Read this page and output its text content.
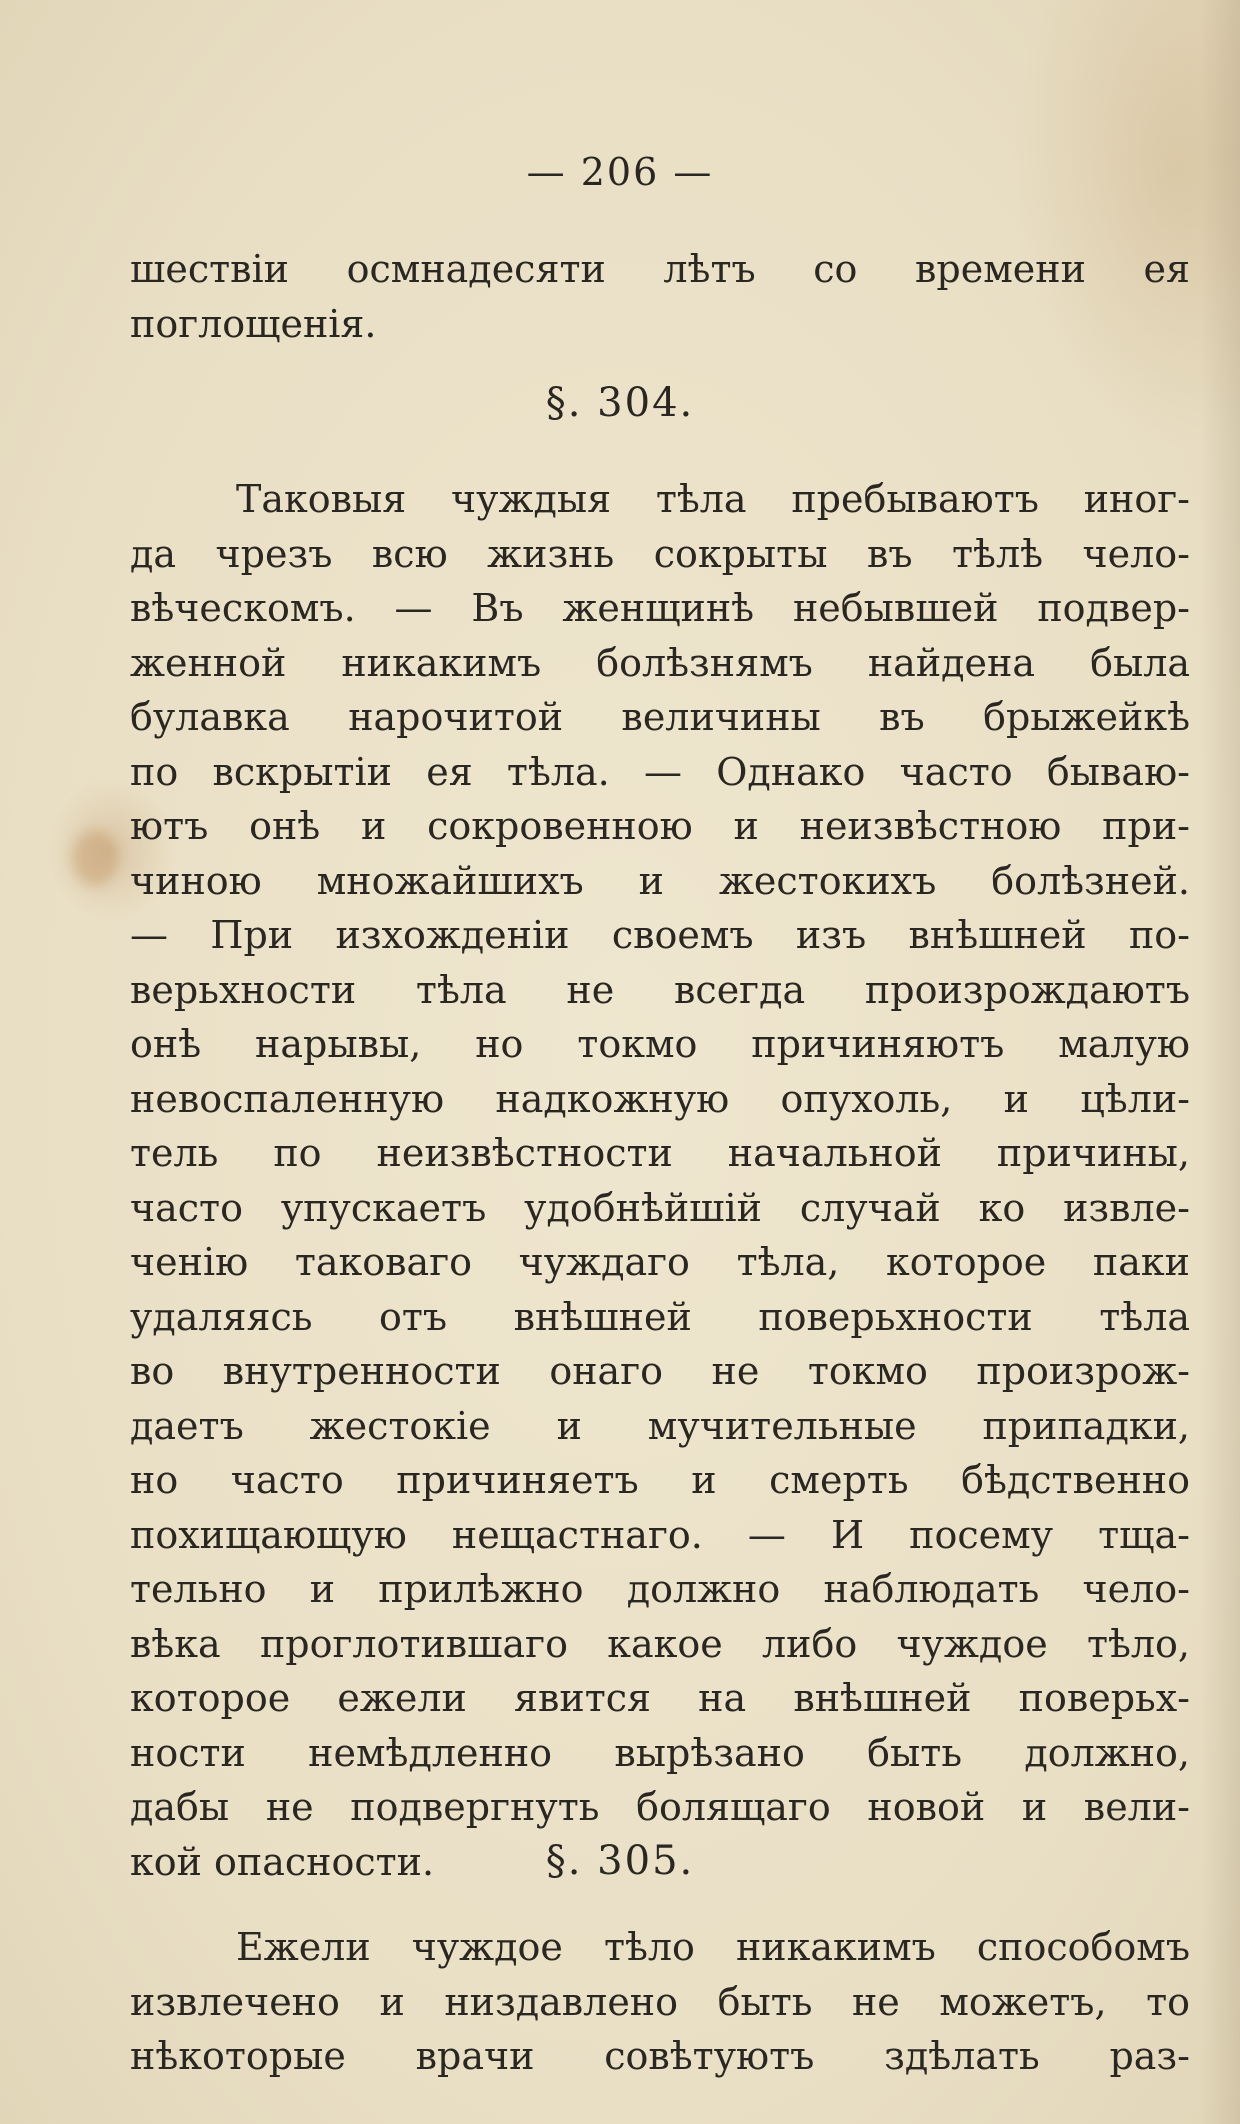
— 206 —
шествіи осмнадесяти лѣтъ со времени ея
поглощенія.
§. 304.
Таковыя чуждыя тѣла пребываютъ иног-
да чрезъ всю жизнь сокрыты въ тѣлѣ чело-
вѣческомъ. — Въ женщинѣ небывшей подвер-
женной никакимъ болѣзнямъ найдена была
булавка нарочитой величины въ брыжейкѣ
по вскрытіи ея тѣла. — Однако часто бываю-
ютъ онѣ и сокровенною и неизвѣстною при-
чиною множайшихъ и жестокихъ болѣзней.
— При изхожденіи своемъ изъ внѣшней по-
верьхности тѣла не всегда произрождаютъ
онѣ нарывы, но токмо причиняютъ малую
невоспаленную надкожную опухоль, и цѣли-
тель по неизвѣстности начальной причины,
часто упускаетъ удобнѣйшій случай ко извле-
ченію таковаго чуждаго тѣла, которое паки
удаляясь отъ внѣшней поверьхности тѣла
во внутренности онаго не токмо произрож-
даетъ жестокіе и мучительные припадки,
но часто причиняетъ и смерть бѣдственно
похищающую нещастнаго. — И посему тща-
тельно и прилѣжно должно наблюдать чело-
вѣка проглотившаго какое либо чуждое тѣло,
которое ежели явится на внѣшней поверьх-
ности немѣдленно вырѣзано быть должно,
дабы не подвергнуть болящаго новой и вели-
кой опасности.	§. 305.
Ежели чуждое тѣло никакимъ способомъ
извлечено и низдавлено быть не можетъ, то
нѣкоторые врачи совѣтуютъ здѣлать раз-
